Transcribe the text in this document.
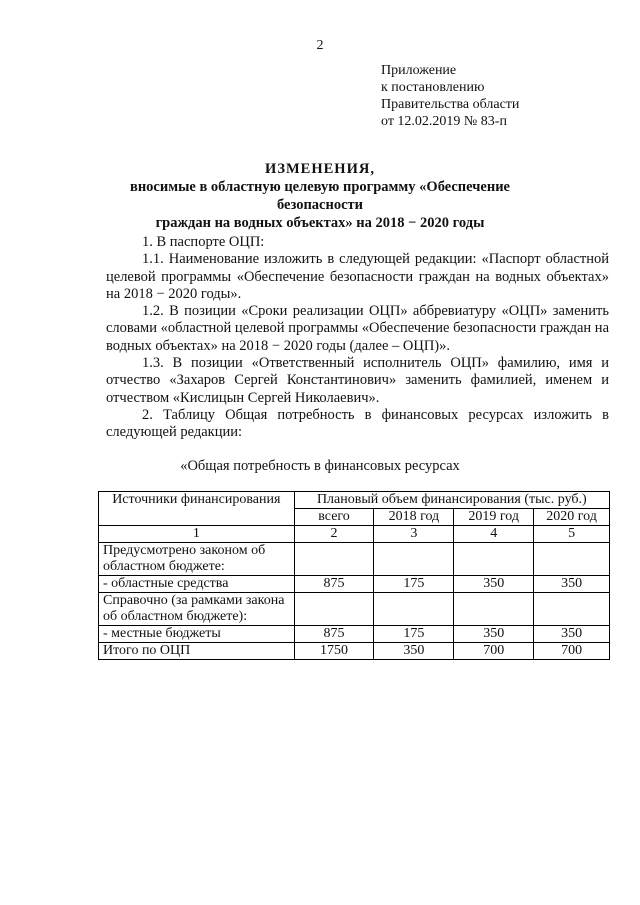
2
Приложение
к постановлению
Правительства области
от 12.02.2019 № 83-п
ИЗМЕНЕНИЯ,
вносимые в областную целевую программу «Обеспечение безопасности
граждан на водных объектах» на 2018 − 2020 годы

1. В паспорте ОЦП:

1.1. Наименование изложить в следующей редакции: «Паспорт областной целевой программы «Обеспечение безопасности граждан на водных объектах» на 2018 − 2020 годы».

1.2. В позиции «Сроки реализации ОЦП» аббревиатуру «ОЦП» заменить словами «областной целевой программы «Обеспечение безопасности граждан на водных объектах» на 2018 − 2020 годы (далее – ОЦП)».

1.3. В позиции «Ответственный исполнитель ОЦП» фамилию, имя и отчество «Захаров Сергей Константинович» заменить фамилией, именем и отчеством «Кислицын Сергей Николаевич».

2. Таблицу Общая потребность в финансовых ресурсах изложить в следующей редакции:

«Общая потребность в финансовых ресурсах
Источники финансирования	Плановый объем финансирования (тыс. руб.)			
	всего	2018 год	2019 год	2020 год
1	2	3	4	5
Предусмотрено законом об областном бюджете:				
- областные средства	875	175	350	350
Справочно (за рамками закона об областном бюджете):				
- местные бюджеты	875	175	350	350
Итого по ОЦП	1750	350	700	700
